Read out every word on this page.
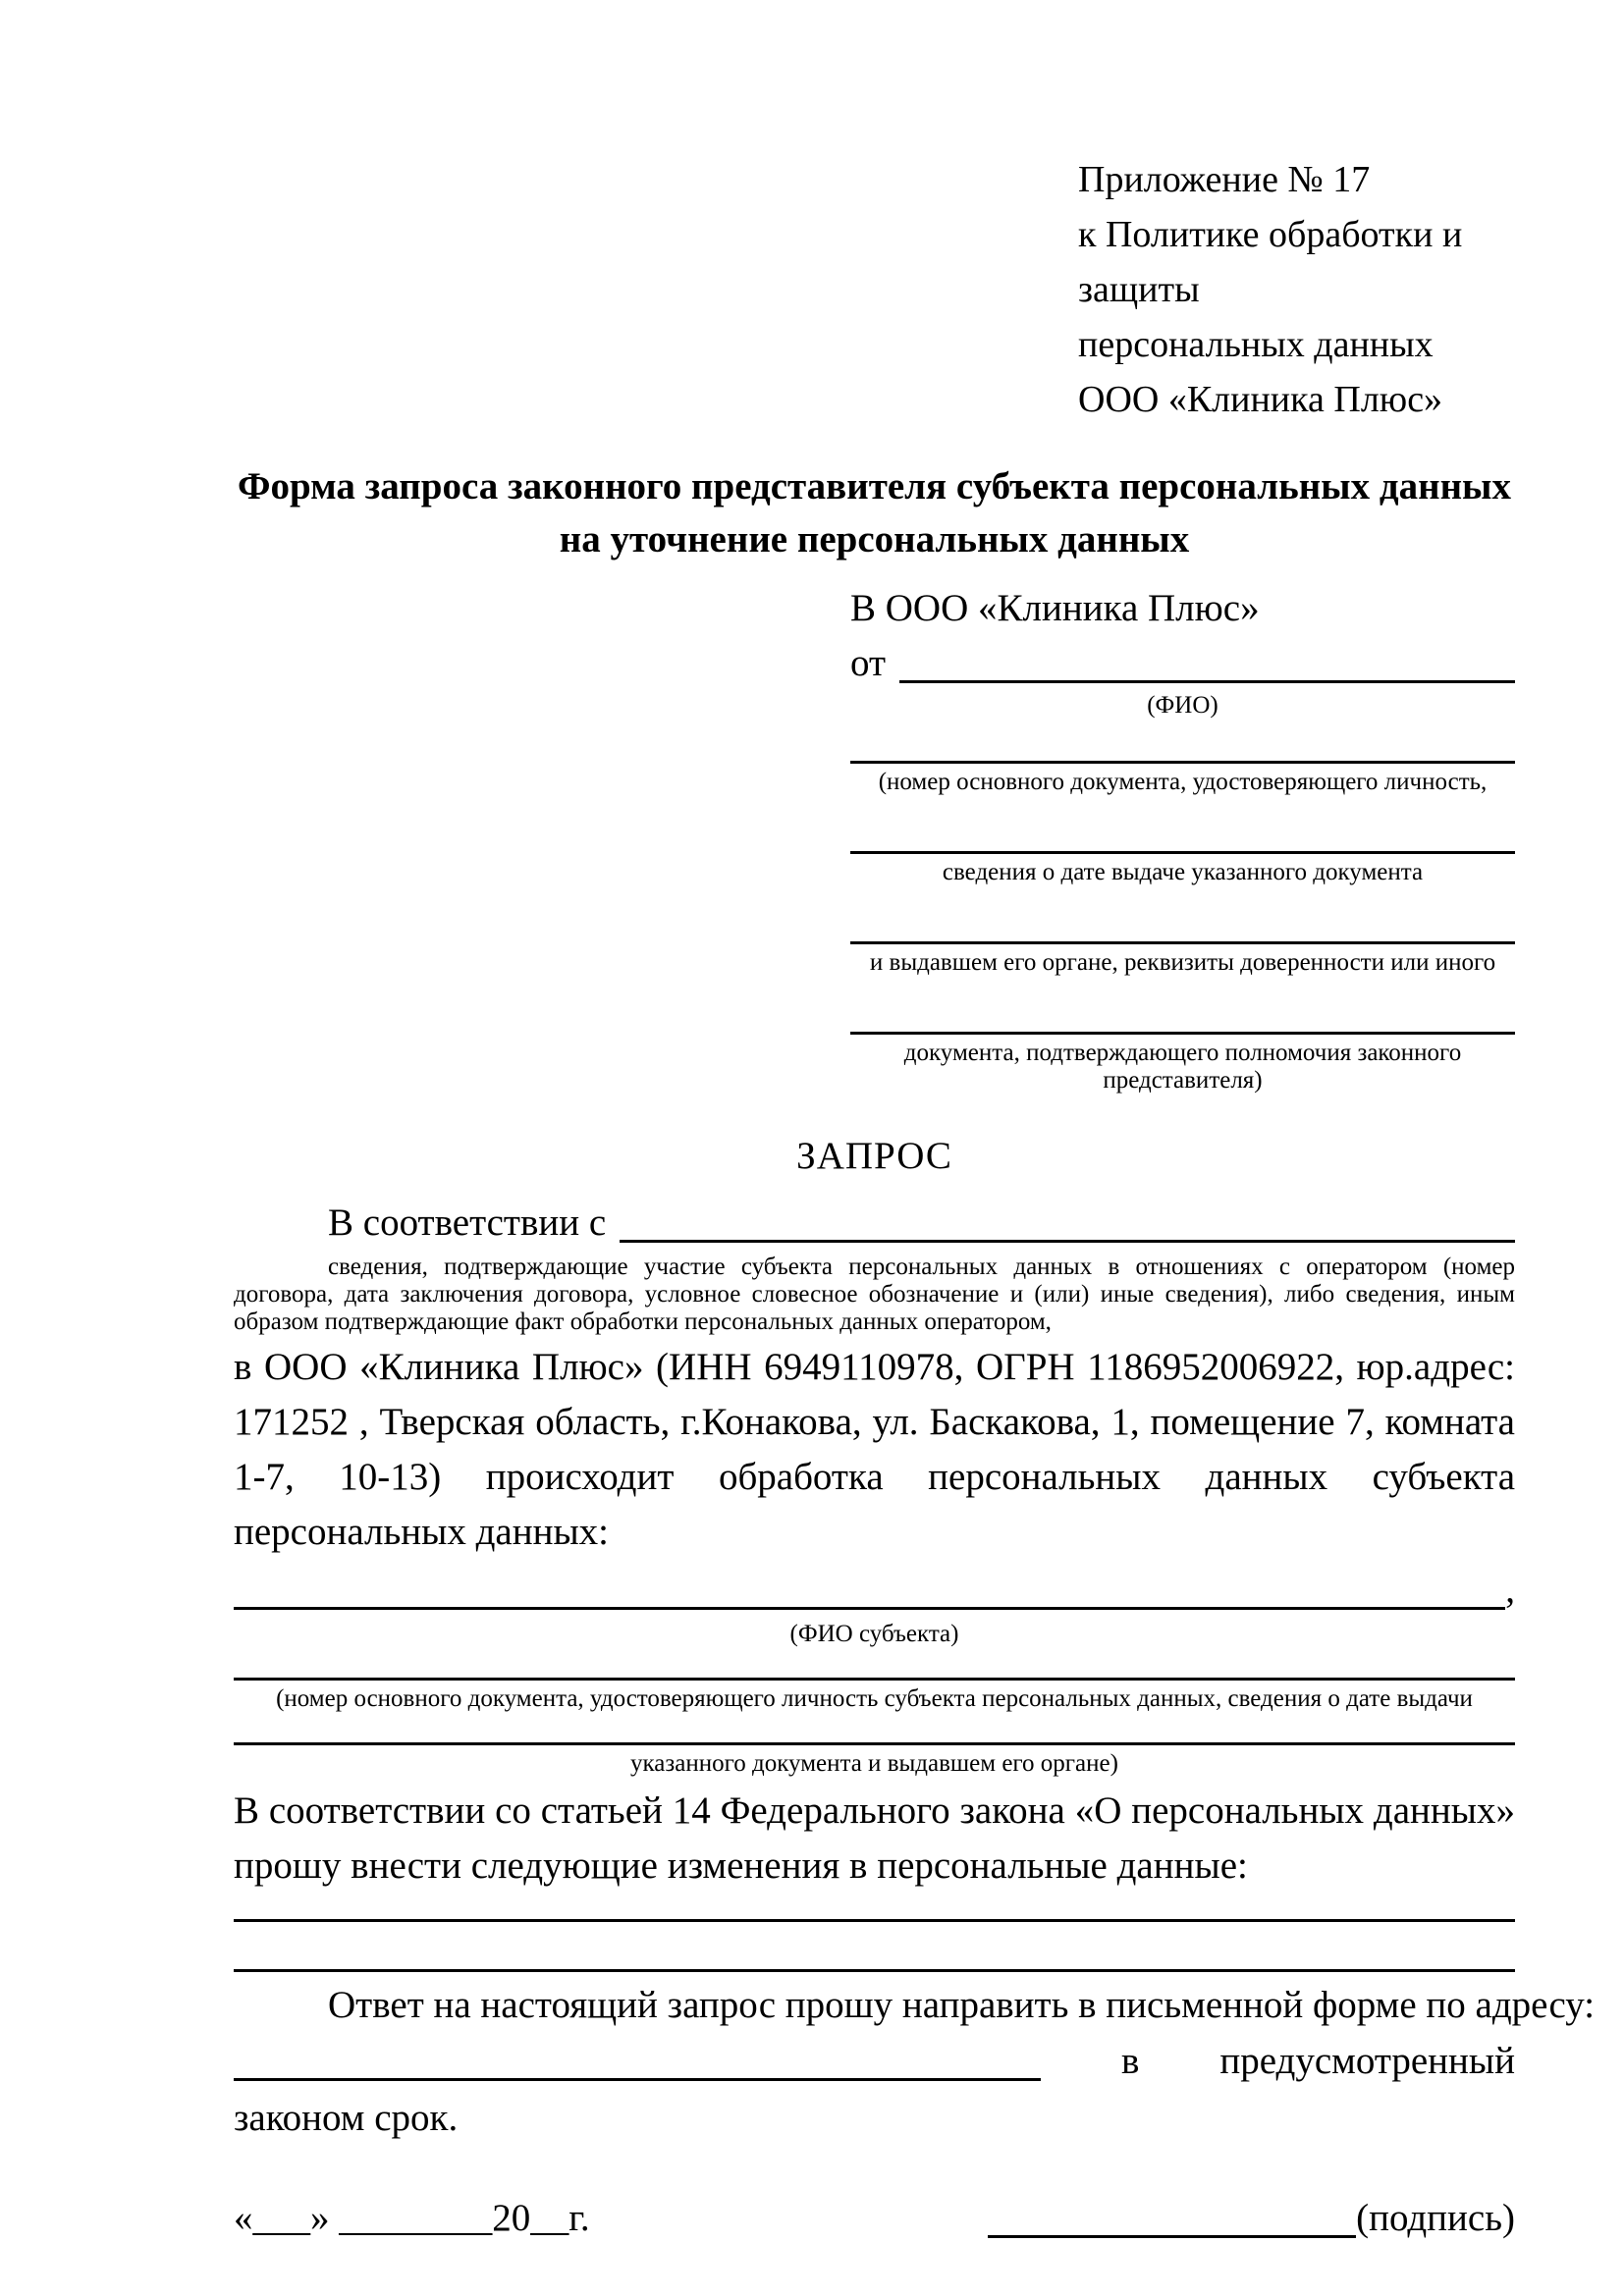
Приложение № 17
к Политике обработки и защиты
персональных данных
ООО «Клиника Плюс»
Форма запроса законного представителя субъекта персональных данных
на уточнение персональных данных
В ООО «Клиника Плюс»
от
(ФИО)
(номер основного документа, удостоверяющего личность,
сведения о дате выдаче указанного документа
и выдавшем его органе, реквизиты доверенности или иного
документа, подтверждающего полномочия законного представителя)
ЗАПРОС
В соответствии с
сведения, подтверждающие участие субъекта персональных данных в отношениях с оператором (номер договора, дата заключения договора, условное словесное обозначение и (или) иные сведения), либо сведения, иным образом подтверждающие факт обработки персональных данных оператором,
в ООО «Клиника Плюс» (ИНН 6949110978, ОГРН 1186952006922, юр.адрес: 171252 , Тверская область, г.Конакова, ул. Баскакова, 1, помещение 7, комната 1-7, 10-13) происходит обработка персональных данных субъекта персональных данных:
,
(ФИО субъекта)
(номер основного документа, удостоверяющего личность субъекта персональных данных, сведения о дате выдачи
указанного документа и выдавшем его органе)
В соответствии со статьей 14 Федерального закона «О персональных данных» прошу внести следующие изменения в персональные данные:
Ответ на настоящий запрос прошу направить в письменной форме по адресу:
в предусмотренный
законом срок.
«___» ________20__г.	(подпись)
